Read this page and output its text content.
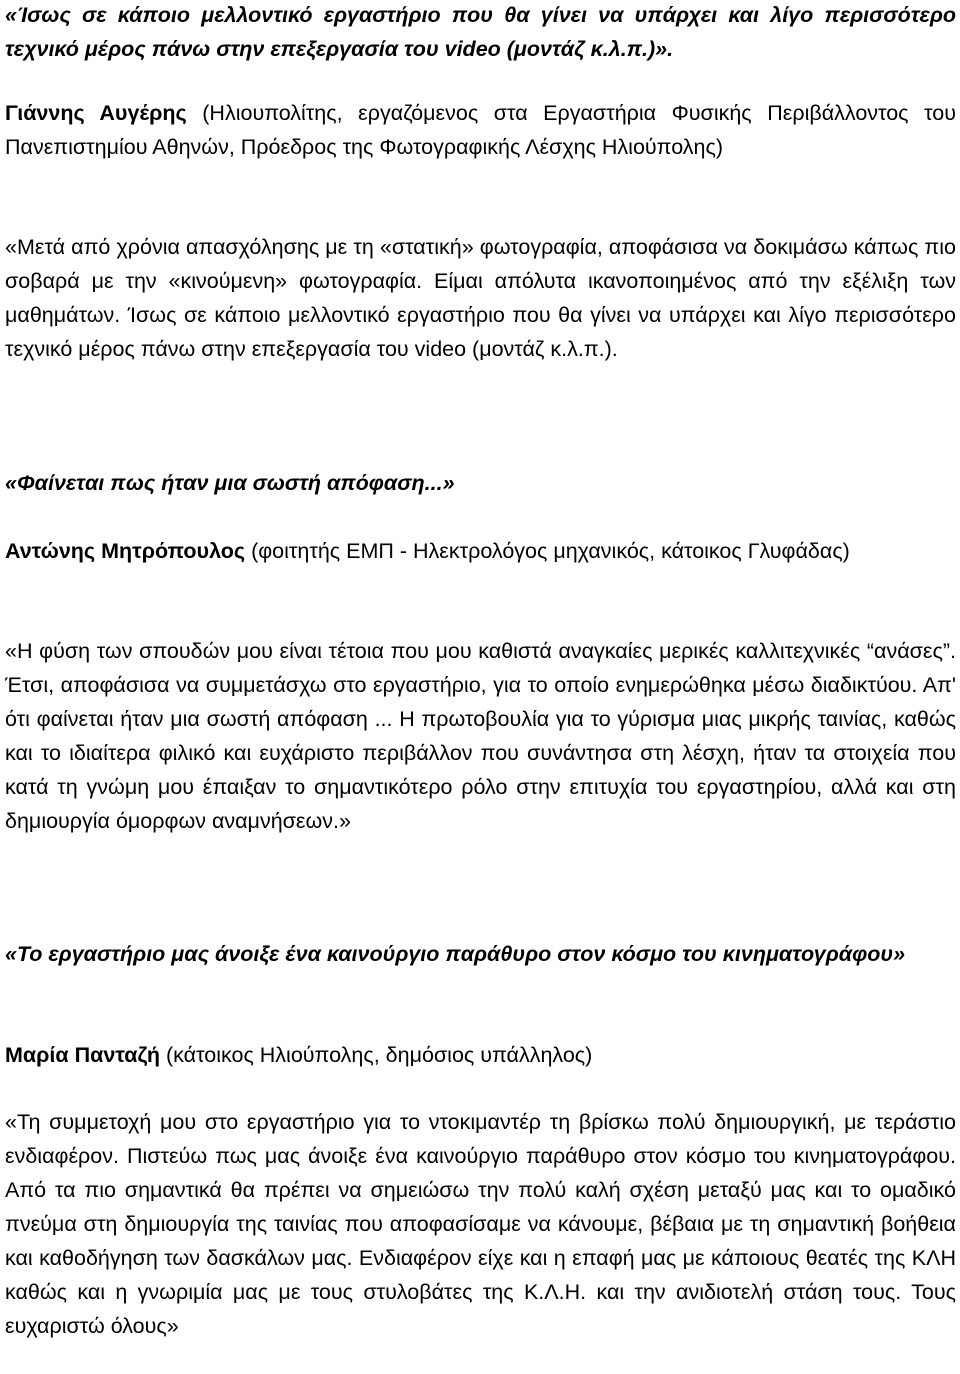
«Ίσως σε κάποιο μελλοντικό εργαστήριο που θα γίνει να υπάρχει και λίγο περισσότερο τεχνικό μέρος πάνω στην επεξεργασία του video (μοντάζ κ.λ.π.)».

Γιάννης Αυγέρης (Ηλιουπολίτης, εργαζόμενος στα Εργαστήρια Φυσικής Περιβάλλοντος του Πανεπιστημίου Αθηνών, Πρόεδρος της Φωτογραφικής Λέσχης Ηλιούπολης)

«Μετά από χρόνια απασχόλησης με τη «στατική» φωτογραφία, αποφάσισα να δοκιμάσω κάπως πιο σοβαρά με την «κινούμενη» φωτογραφία. Είμαι απόλυτα ικανοποιημένος από την εξέλιξη των μαθημάτων. Ίσως σε κάποιο μελλοντικό εργαστήριο που θα γίνει να υπάρχει και λίγο περισσότερο τεχνικό μέρος πάνω στην επεξεργασία του video (μοντάζ κ.λ.π.).

«Φαίνεται πως ήταν μια σωστή απόφαση...»

Αντώνης Μητρόπουλος (φοιτητής ΕΜΠ - Ηλεκτρολόγος μηχανικός, κάτοικος Γλυφάδας)

«Η φύση των σπουδών μου είναι τέτοια που μου καθιστά αναγκαίες μερικές καλλιτεχνικές “ανάσες”. Έτσι, αποφάσισα να συμμετάσχω στο εργαστήριο, για το οποίο ενημερώθηκα μέσω διαδικτύου. Απ' ότι φαίνεται ήταν μια σωστή απόφαση ... Η πρωτοβουλία για το γύρισμα μιας μικρής ταινίας, καθώς και το ιδιαίτερα φιλικό και ευχάριστο περιβάλλον που συνάντησα στη λέσχη, ήταν τα στοιχεία που κατά τη γνώμη μου έπαιξαν το σημαντικότερο ρόλο στην επιτυχία του εργαστηρίου, αλλά και στη δημιουργία όμορφων αναμνήσεων.»

«Το εργαστήριο μας άνοιξε ένα καινούργιο παράθυρο στον κόσμο του κινηματογράφου»

Μαρία Πανταζή (κάτοικος Ηλιούπολης, δημόσιος υπάλληλος)

«Τη συμμετοχή μου στο εργαστήριο για το ντοκιμαντέρ τη βρίσκω πολύ δημιουργική, με τεράστιο ενδιαφέρον. Πιστεύω πως μας άνοιξε ένα καινούργιο παράθυρο στον κόσμο του κινηματογράφου. Από τα πιο σημαντικά θα πρέπει να σημειώσω την πολύ καλή σχέση μεταξύ μας και το ομαδικό πνεύμα στη δημιουργία της ταινίας που αποφασίσαμε να κάνουμε, βέβαια με τη σημαντική βοήθεια και καθοδήγηση των δασκάλων μας. Ενδιαφέρον είχε και η επαφή μας με κάποιους θεατές της ΚΛΗ καθώς και η γνωριμία μας με τους στυλοβάτες της Κ.Λ.Η. και την ανιδιοτελή στάση τους. Τους ευχαριστώ όλους»
